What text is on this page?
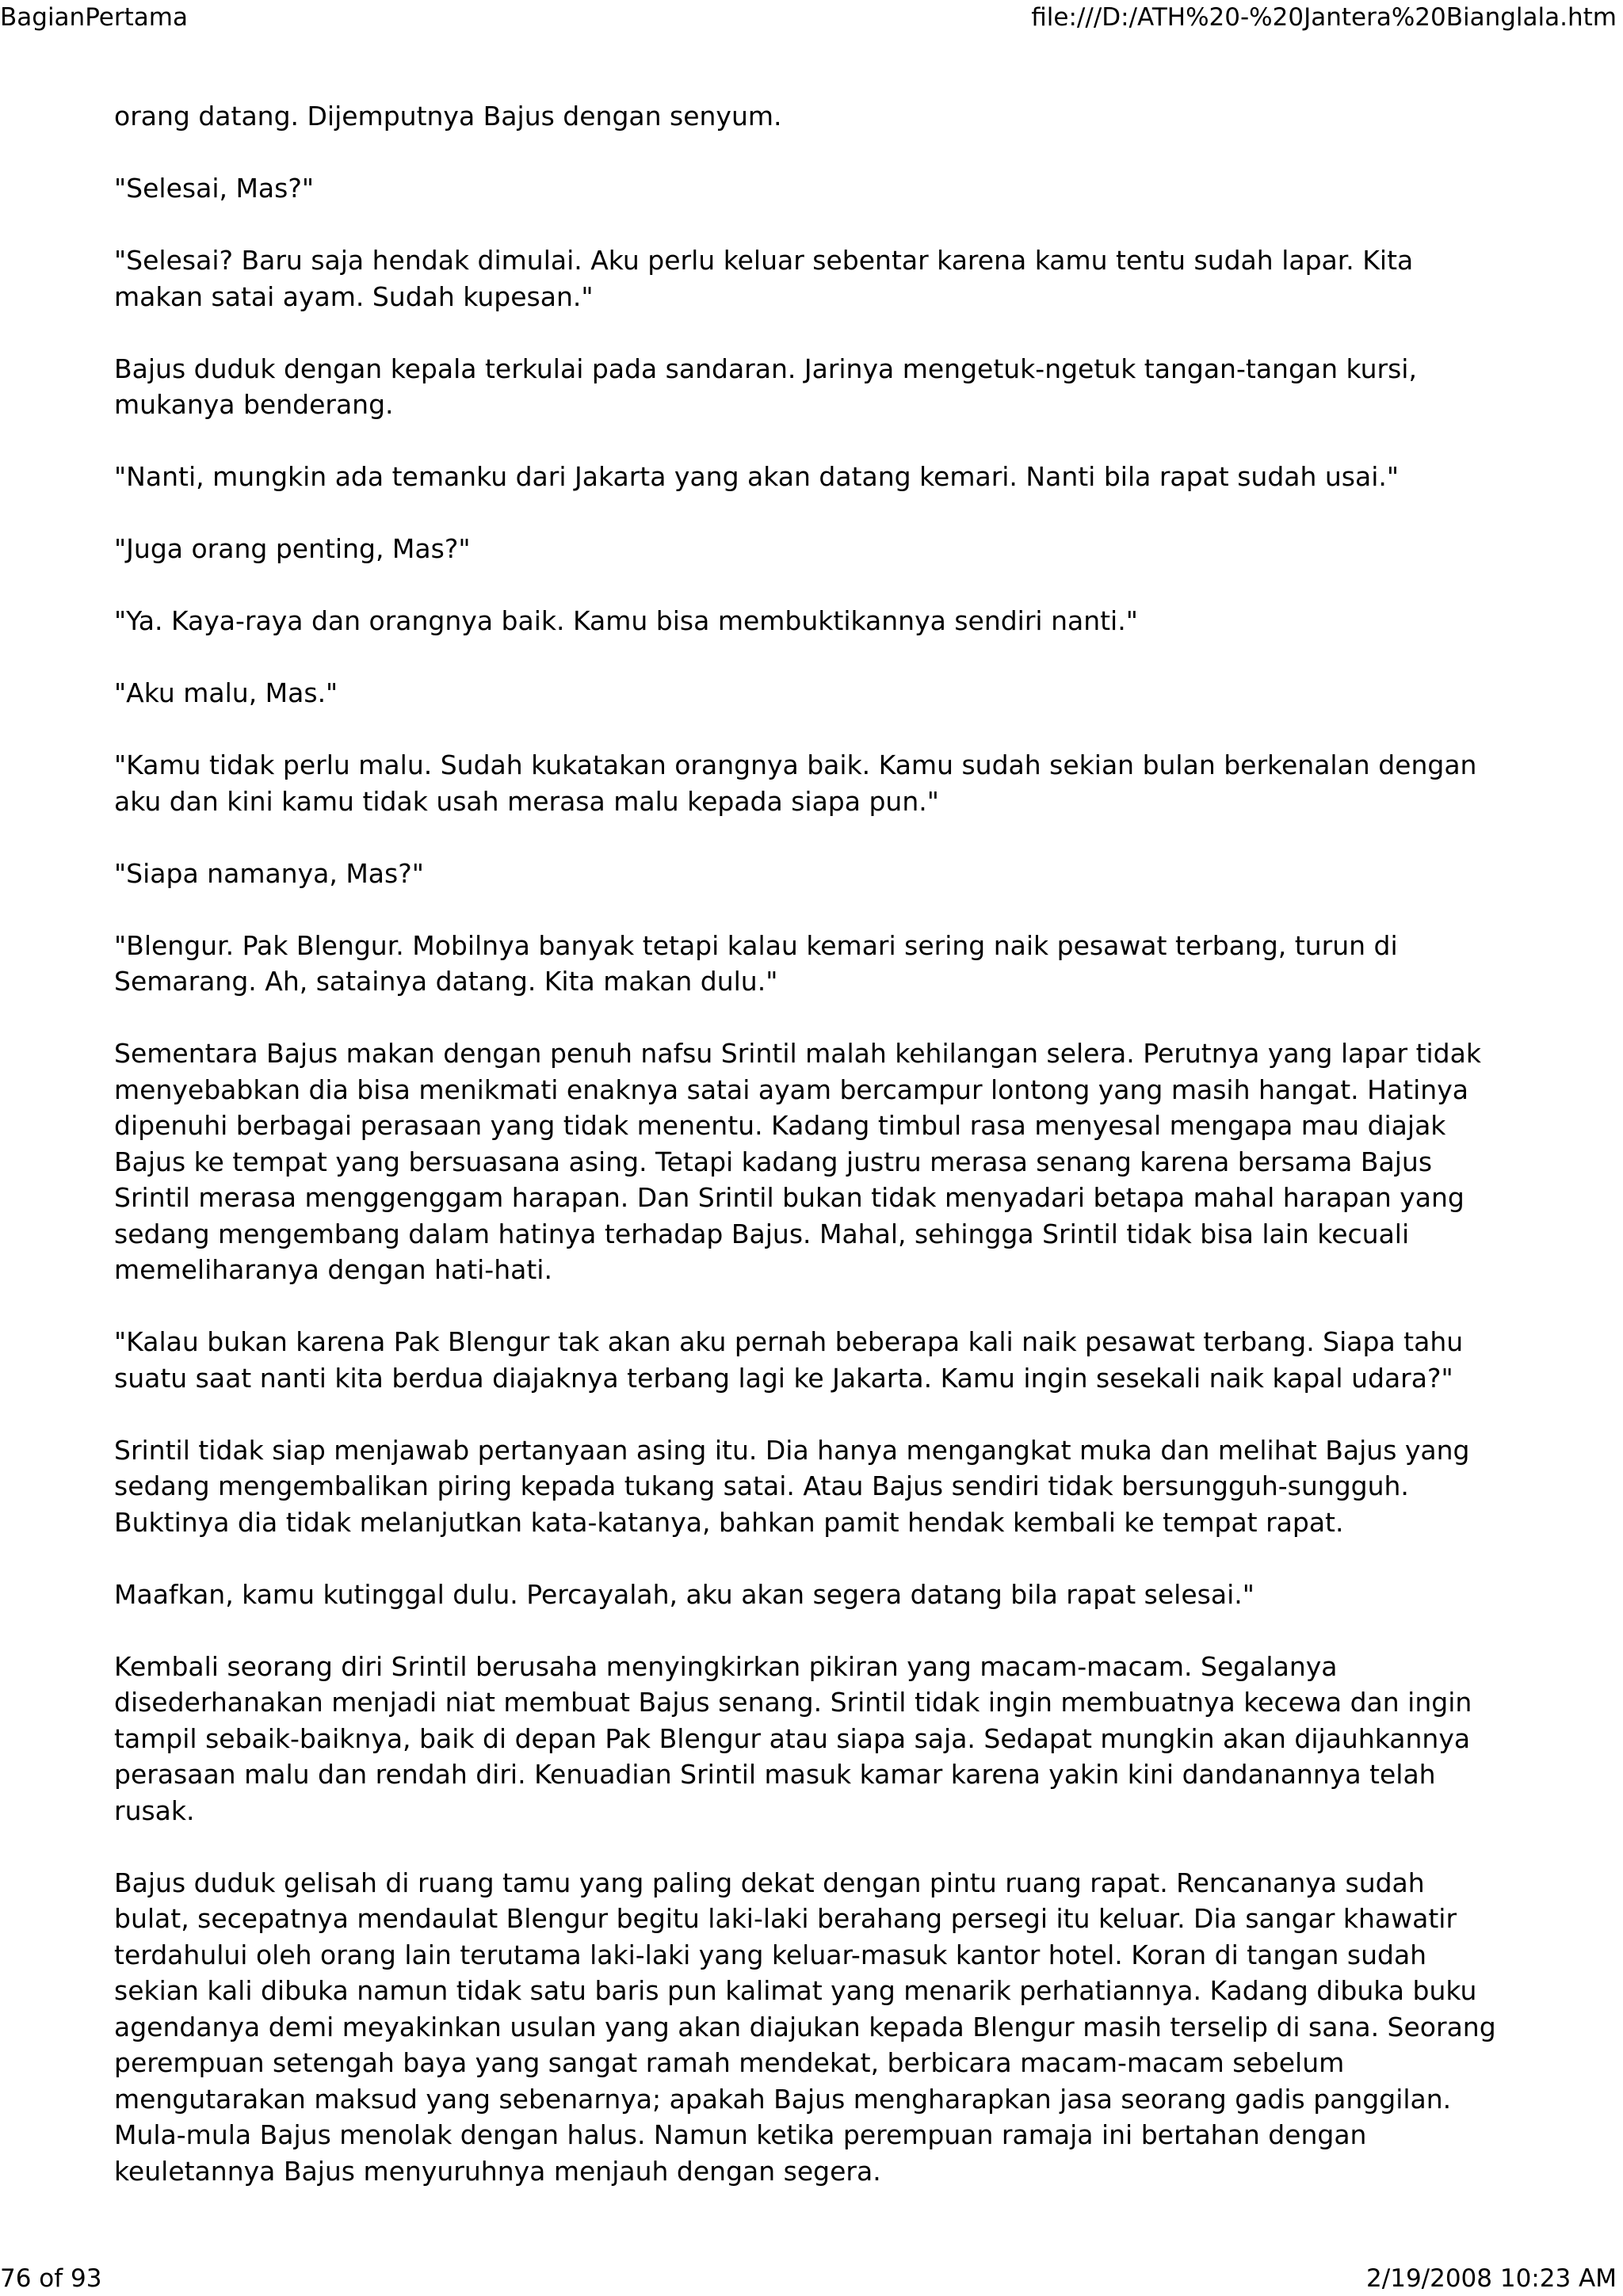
BagianPertama	file:///D:/ATH%20-%20Jantera%20Bianglala.htm

orang datang. Dijemputnya Bajus dengan senyum.

"Selesai, Mas?"

"Selesai? Baru saja hendak dimulai. Aku perlu keluar sebentar karena kamu tentu sudah lapar. Kita makan satai ayam. Sudah kupesan."

Bajus duduk dengan kepala terkulai pada sandaran. Jarinya mengetuk-ngetuk tangan-tangan kursi, mukanya benderang.

"Nanti, mungkin ada temanku dari Jakarta yang akan datang kemari. Nanti bila rapat sudah usai."

"Juga orang penting, Mas?"

"Ya. Kaya-raya dan orangnya baik. Kamu bisa membuktikannya sendiri nanti."

"Aku malu, Mas."

"Kamu tidak perlu malu. Sudah kukatakan orangnya baik. Kamu sudah sekian bulan berkenalan dengan aku dan kini kamu tidak usah merasa malu kepada siapa pun."

"Siapa namanya, Mas?"

"Blengur. Pak Blengur. Mobilnya banyak tetapi kalau kemari sering naik pesawat terbang, turun di Semarang. Ah, satainya datang. Kita makan dulu."

Sementara Bajus makan dengan penuh nafsu Srintil malah kehilangan selera. Perutnya yang lapar tidak menyebabkan dia bisa menikmati enaknya satai ayam bercampur lontong yang masih hangat. Hatinya dipenuhi berbagai perasaan yang tidak menentu. Kadang timbul rasa menyesal mengapa mau diajak Bajus ke tempat yang bersuasana asing. Tetapi kadang justru merasa senang karena bersama Bajus Srintil merasa menggenggam harapan. Dan Srintil bukan tidak menyadari betapa mahal harapan yang sedang mengembang dalam hatinya terhadap Bajus. Mahal, sehingga Srintil tidak bisa lain kecuali memeliharanya dengan hati-hati.

"Kalau bukan karena Pak Blengur tak akan aku pernah beberapa kali naik pesawat terbang. Siapa tahu suatu saat nanti kita berdua diajaknya terbang lagi ke Jakarta. Kamu ingin sesekali naik kapal udara?"

Srintil tidak siap menjawab pertanyaan asing itu. Dia hanya mengangkat muka dan melihat Bajus yang sedang mengembalikan piring kepada tukang satai. Atau Bajus sendiri tidak bersungguh-sungguh. Buktinya dia tidak melanjutkan kata-katanya, bahkan pamit hendak kembali ke tempat rapat.

Maafkan, kamu kutinggal dulu. Percayalah, aku akan segera datang bila rapat selesai."

Kembali seorang diri Srintil berusaha menyingkirkan pikiran yang macam-macam. Segalanya disederhanakan menjadi niat membuat Bajus senang. Srintil tidak ingin membuatnya kecewa dan ingin tampil sebaik-baiknya, baik di depan Pak Blengur atau siapa saja. Sedapat mungkin akan dijauhkannya perasaan malu dan rendah diri. Kenuadian Srintil masuk kamar karena yakin kini dandanannya telah rusak.

Bajus duduk gelisah di ruang tamu yang paling dekat dengan pintu ruang rapat. Rencananya sudah bulat, secepatnya mendaulat Blengur begitu laki-laki berahang persegi itu keluar. Dia sangar khawatir terdahului oleh orang lain terutama laki-laki yang keluar-masuk kantor hotel. Koran di tangan sudah sekian kali dibuka namun tidak satu baris pun kalimat yang menarik perhatiannya. Kadang dibuka buku agendanya demi meyakinkan usulan yang akan diajukan kepada Blengur masih terselip di sana. Seorang perempuan setengah baya yang sangat ramah mendekat, berbicara macam-macam sebelum mengutarakan maksud yang sebenarnya; apakah Bajus mengharapkan jasa seorang gadis panggilan. Mula-mula Bajus menolak dengan halus. Namun ketika perempuan ramaja ini bertahan dengan keuletannya Bajus menyuruhnya menjauh dengan segera.

76 of 93	2/19/2008 10:23 AM
